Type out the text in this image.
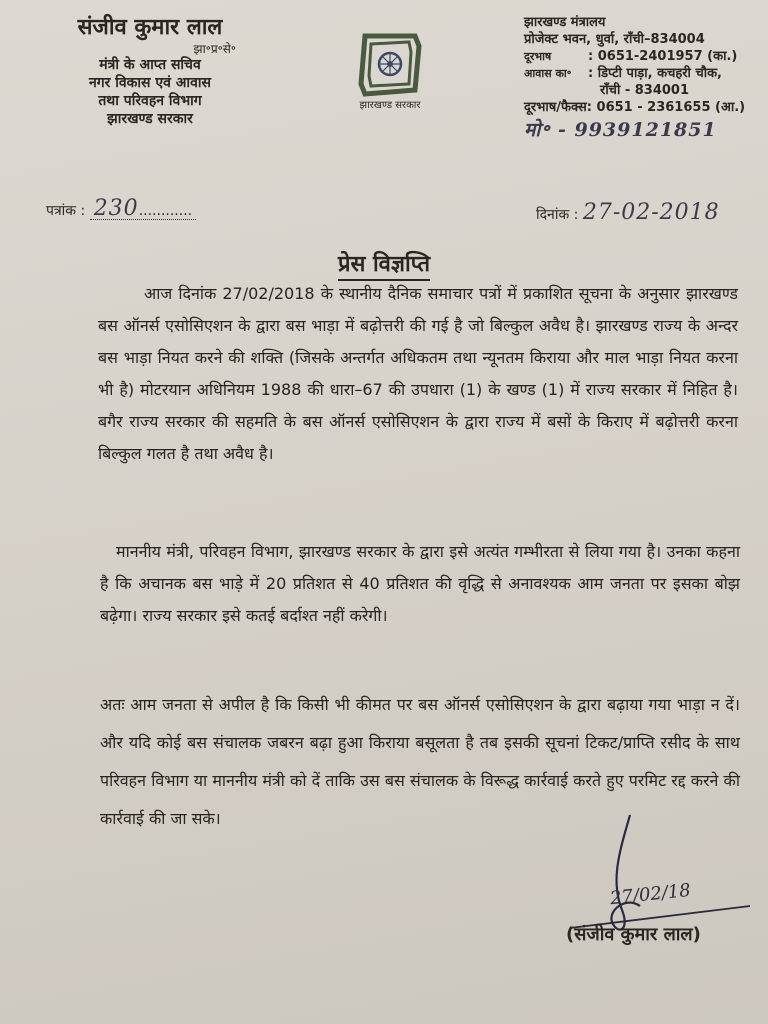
संजीव कुमार लाल
झा॰प्र॰से॰
मंत्री के आप्त सचिव
नगर विकास एवं आवास
तथा परिवहन विभाग
झारखण्ड सरकार
झारखण्ड सरकार
झारखण्ड मंत्रालय
प्रोजेक्ट भवन, धुर्वा, राँची–834004
दूरभाष	: 0651-2401957 (का.)
आवास का॰ : डिप्टी पाड़ा, कचहरी चौक,
राँची - 834001
दूरभाष/फैक्स: 0651 - 2361655 (आ.)
मो॰ - 9939121851
पत्रांक : 230............	दिनांक : 27-02-2018
प्रेस विज्ञप्ति
आज दिनांक 27/02/2018 के स्थानीय दैनिक समाचार पत्रों में प्रकाशित सूचना के अनुसार झारखण्ड बस ऑनर्स एसोसिएशन के द्वारा बस भाड़ा में बढ़ोत्तरी की गई है जो बिल्कुल अवैध है। झारखण्ड राज्य के अन्दर बस भाड़ा नियत करने की शक्ति (जिसके अन्तर्गत अधिकतम तथा न्यूनतम किराया और माल भाड़ा नियत करना भी है) मोटरयान अधिनियम 1988 की धारा–67 की उपधारा (1) के खण्ड (1) में राज्य सरकार में निहित है। बगैर राज्य सरकार की सहमति के बस ऑनर्स एसोसिएशन के द्वारा राज्य में बसों के किराए में बढ़ोत्तरी करना बिल्कुल गलत है तथा अवैध है।
माननीय मंत्री, परिवहन विभाग, झारखण्ड सरकार के द्वारा इसे अत्यंत गम्भीरता से लिया गया है। उनका कहना है कि अचानक बस भाड़े में 20 प्रतिशत से 40 प्रतिशत की वृद्धि से अनावश्यक आम जनता पर इसका बोझ बढ़ेगा। राज्य सरकार इसे कतई बर्दाश्त नहीं करेगी।
अतः आम जनता से अपील है कि किसी भी कीमत पर बस ऑनर्स एसोसिएशन के द्वारा बढ़ाया गया भाड़ा न दें। और यदि कोई बस संचालक जबरन बढ़ा हुआ किराया बसूलता है तब इसकी सूचनां टिकट/प्राप्ति रसीद के साथ परिवहन विभाग या माननीय मंत्री को दें ताकि उस बस संचालक के विरूद्ध कार्रवाई करते हुए परमिट रद्द करने की कार्रवाई की जा सके।
27/02/18
(संजीव कुमार लाल)
